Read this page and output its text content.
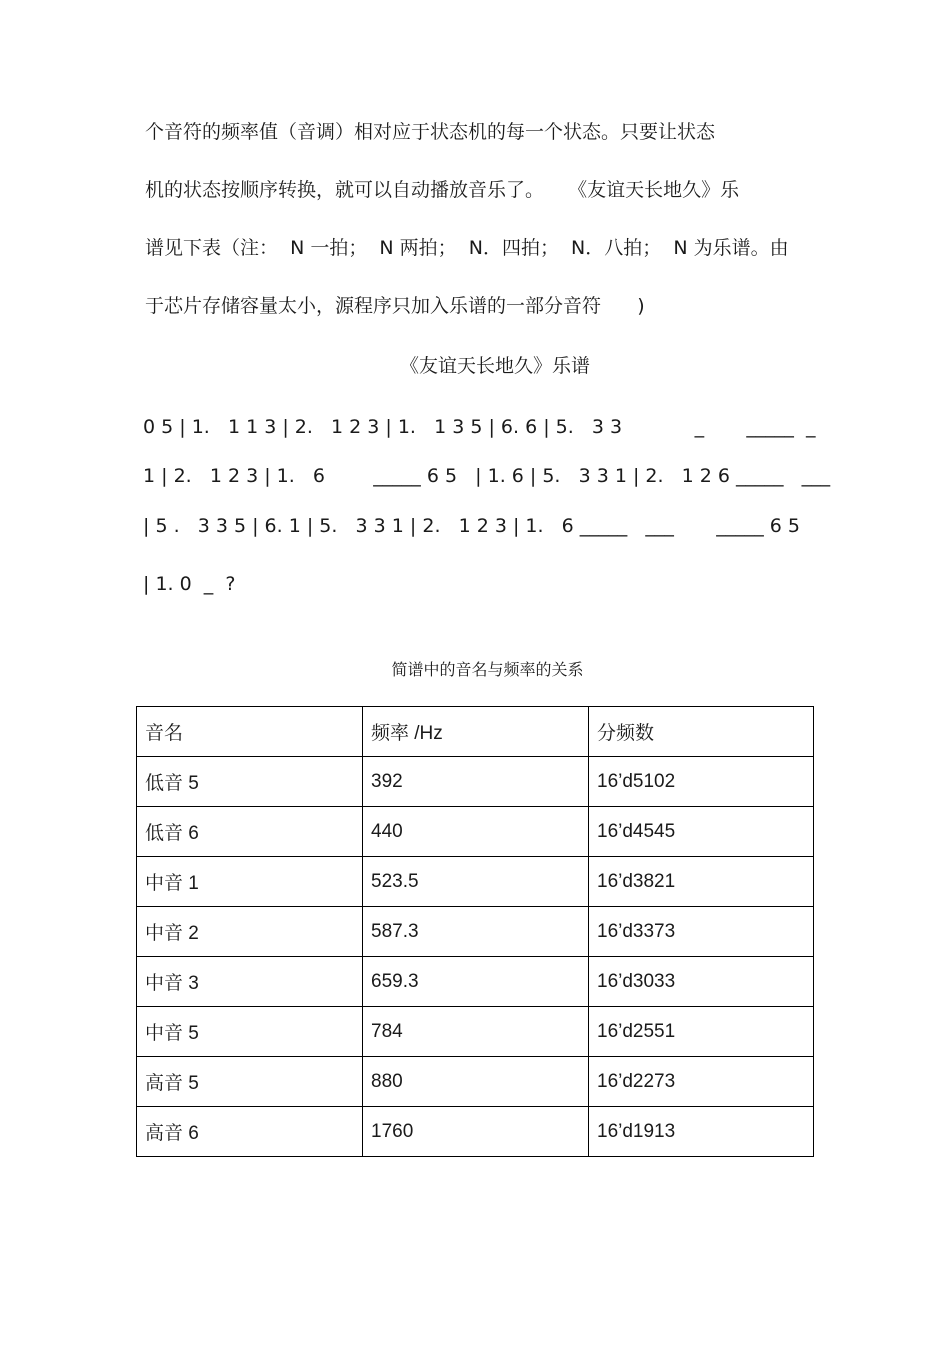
个音符的频率值（音调）相对应于状态机的每一个状态。只要让状态
机的状态按顺序转换，就可以自动播放音乐了。    《友谊天长地久》乐
谱见下表（注：  N 一拍；  N 两拍；  N．四拍；  N．八拍；  N 为乐谱。由
于芯片存储容量太小，源程序只加入乐谱的一部分音符      )
《友谊天长地久》乐谱
0 5 | 1.   1 1 3 | 2.   1 2 3 | 1.   1 3 5 | 6. 6 | 5.   3 3            _       _____  _
1 | 2.   1 2 3 | 1.   6        _____ 6 5   | 1. 6 | 5.   3 3 1 | 2.   1 2 6 _____   ___
| 5 .   3 3 5 | 6. 1 | 5.   3 3 1 | 2.   1 2 3 | 1.   6 _____   ___       _____ 6 5
| 1. 0  _  ?
简谱中的音名与频率的关系
音名	频率 /Hz	分频数
低音 5	392	16’d5102
低音 6	440	16’d4545
中音 1	523.5	16’d3821
中音 2	587.3	16’d3373
中音 3	659.3	16’d3033
中音 5	784	16’d2551
高音 5	880	16’d2273
高音 6	1760	16’d1913
